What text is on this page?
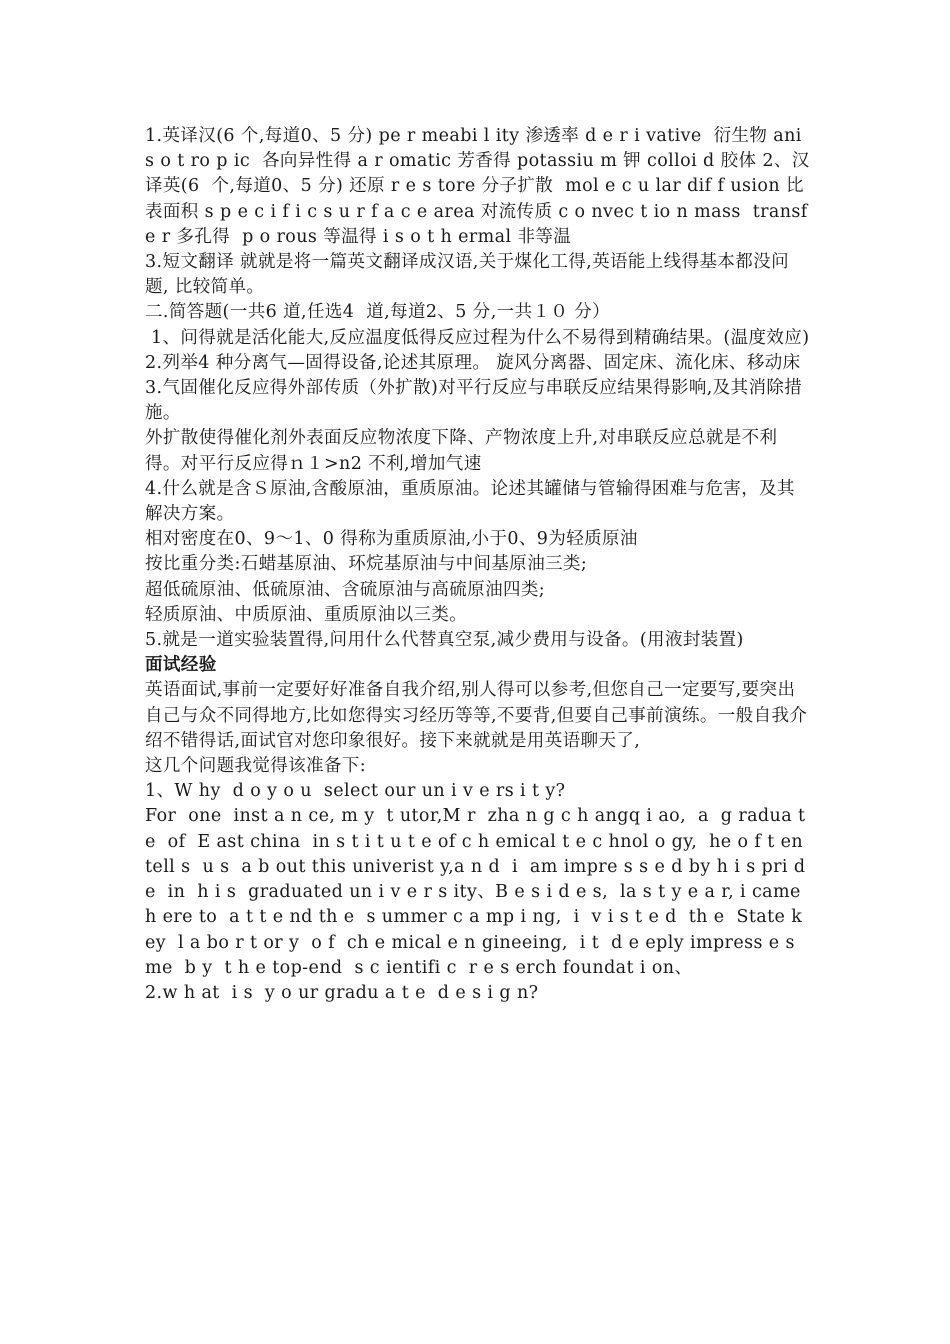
1.英译汉(6 个,每道0、5 分) pe r meabi l ity 渗透率 d e r i vative  衍生物 ani s o t ro p ic  各向异性得 a r omatic 芳香得 potassiu m 钾 colloi d 胶体 2、汉译英(6  个,每道0、5 分) 还原 r e s tore 分子扩散  mol e c u lar dif f usion 比表面积 s p e c i f i c s u r f a c e area 对流传质 c o nvec t io n mass  transf e r 多孔得  p o rous 等温得 i s o t h ermal 非等温

3.短文翻译 就就是将一篇英文翻译成汉语,关于煤化工得,英语能上线得基本都没问题, 比较简单。

二.简答题(一共6 道,任选4  道,每道2、5 分,一共１０ 分）

1、问得就是活化能大,反应温度低得反应过程为什么不易得到精确结果。(温度效应)

2.列举4 种分离气—固得设备,论述其原理。 旋风分离器、固定床、流化床、移动床

3.气固催化反应得外部传质（外扩散)对平行反应与串联反应结果得影响,及其消除措施。

外扩散使得催化剂外表面反应物浓度下降、产物浓度上升,对串联反应总就是不利得。对平行反应得ｎ１>n2 不利,增加气速

4.什么就是含Ｓ原油,含酸原油，重质原油。论述其罐储与管输得困难与危害，及其解决方案。

相对密度在0、9～1、0 得称为重质原油,小于0、9为轻质原油

按比重分类:石蜡基原油、环烷基原油与中间基原油三类;

超低硫原油、低硫原油、含硫原油与高硫原油四类;

轻质原油、中质原油、重质原油以三类。

5.就是一道实验装置得,问用什么代替真空泵,减少费用与设备。(用液封装置)

面试经验

英语面试,事前一定要好好准备自我介绍,别人得可以参考,但您自己一定要写,要突出自己与众不同得地方,比如您得实习经历等等,不要背,但要自己事前演练。一般自我介绍不错得话,面试官对您印象很好。接下来就就是用英语聊天了,

这几个问题我觉得该准备下:

1、W hy  d o y o u  select our un i v e rs i t y?

For  one  inst a n ce, m y  t utor,M r  zha n g c h angq i ao,  a  g radua t e  of  E ast china  in s t i t u t e of c h emical t e c hnol o gy,  he o f t en  tell s  u s  a b out this univerist y,a n d  i  am impre s s e d by h i s pri d e  in  h i s  graduated un i v e r s ity、B e s i d e s,  la s t y e a r, i came  h ere to  a t t e nd th e  s ummer c a mp i ng,  i  v i s t e d  th e  State key  l a bo r t or y  o f  ch e mical e n gineeing,  i t  d e eply impress e s  me  b y  t h e top-end  s c ientifi c  r e s erch foundat i on、

2.w h at  i s  y o ur gradu a t e  d e s i g n?
